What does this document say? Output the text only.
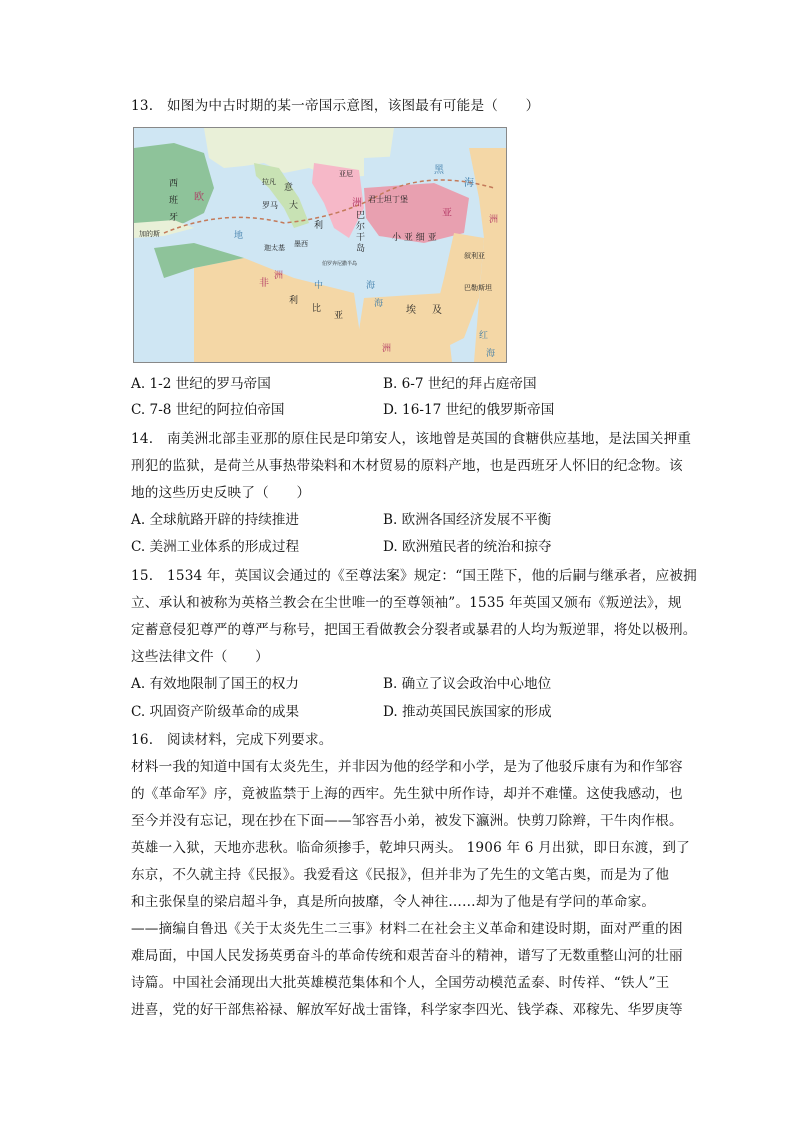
13.　如图为中古时期的某一帝国示意图，该图最有可能是（　　）
西
班
牙
加的斯
欧
拉凡
罗马
意
大
利
亚尼
洲 君士坦丁堡
巴
尔
干
岛
伯罗奔尼撒半岛
小 亚 细 亚
亚
洲
叙利亚
巴勒斯坦
黑
海
洲
迦太基 墨西
非
利
比
亚	埃 及
洲
红
海
地
中	海
海
A. 1-2 世纪的罗马帝国	B. 6-7 世纪的拜占庭帝国
C. 7-8 世纪的阿拉伯帝国	D. 16-17 世纪的俄罗斯帝国
14.　南美洲北部圭亚那的原住民是印第安人，该地曾是英国的食糖供应基地，是法国关押重
刑犯的监狱，是荷兰从事热带染料和木材贸易的原料产地，也是西班牙人怀旧的纪念物。该
地的这些历史反映了（　　）
A. 全球航路开辟的持续推进	B. 欧洲各国经济发展不平衡
C. 美洲工业体系的形成过程	D. 欧洲殖民者的统治和掠夺
15.　1534 年，英国议会通过的《至尊法案》规定：“国王陛下，他的后嗣与继承者，应被拥
立、承认和被称为英格兰教会在尘世唯一的至尊领袖”。1535 年英国又颁布《叛逆法》，规
定蓄意侵犯尊严的尊严与称号，把国王看做教会分裂者或暴君的人均为叛逆罪，将处以极刑。
这些法律文件（　　）
A. 有效地限制了国王的权力	B. 确立了议会政治中心地位
C. 巩固资产阶级革命的成果	D. 推动英国民族国家的形成
16.　阅读材料，完成下列要求。
材料一我的知道中国有太炎先生，并非因为他的经学和小学，是为了他驳斥康有为和作邹容
的《革命军》序，竟被监禁于上海的西牢。先生狱中所作诗，却并不难懂。这使我感动，也
至今并没有忘记，现在抄在下面——邹容吾小弟，被发下瀛洲。快剪刀除辫，干牛肉作根。
英雄一入狱，天地亦悲秋。临命须掺手，乾坤只两头。 1906 年 6 月出狱，即日东渡，到了
东京，不久就主持《民报》。我爱看这《民报》，但并非为了先生的文笔古奥，而是为了他
和主张保皇的梁启超斗争，真是所向披靡，令人神往……却为了他是有学问的革命家。
——摘编自鲁迅《关于太炎先生二三事》材料二在社会主义革命和建设时期，面对严重的困
难局面，中国人民发扬英勇奋斗的革命传统和艰苦奋斗的精神，谱写了无数重整山河的壮丽
诗篇。中国社会涌现出大批英雄模范集体和个人，全国劳动模范孟泰、时传祥、“铁人”王
进喜，党的好干部焦裕禄、解放军好战士雷锋，科学家李四光、钱学森、邓稼先、华罗庚等
